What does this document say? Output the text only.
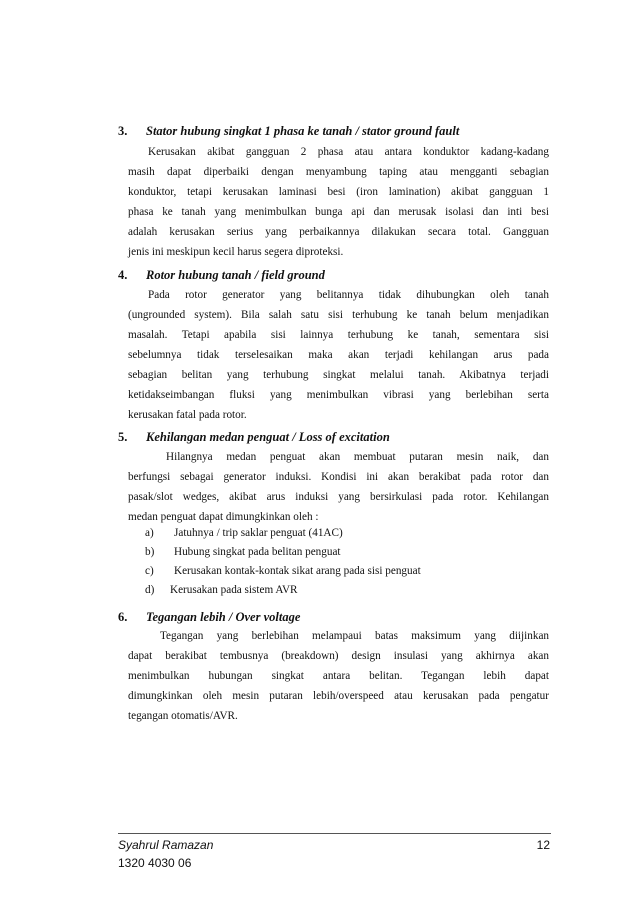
3. Stator hubung singkat 1 phasa ke tanah / stator ground fault
Kerusakan akibat gangguan 2 phasa atau antara konduktor kadang-kadang
masih dapat diperbaiki dengan menyambung taping atau mengganti sebagian
konduktor, tetapi kerusakan laminasi besi (iron lamination) akibat gangguan 1
phasa ke tanah yang menimbulkan bunga api dan merusak isolasi dan inti besi
adalah kerusakan serius yang perbaikannya dilakukan secara total. Gangguan
jenis ini meskipun kecil harus segera diproteksi.
4. Rotor hubung tanah / field ground
Pada rotor generator yang belitannya tidak dihubungkan oleh tanah
(ungrounded system). Bila salah satu sisi terhubung ke tanah belum menjadikan
masalah. Tetapi apabila sisi lainnya terhubung ke tanah, sementara sisi
sebelumnya tidak terselesaikan maka akan terjadi kehilangan arus pada
sebagian belitan yang terhubung singkat melalui tanah. Akibatnya terjadi
ketidakseimbangan fluksi yang menimbulkan vibrasi yang berlebihan serta
kerusakan fatal pada rotor.
5. Kehilangan medan penguat / Loss of excitation
Hilangnya medan penguat akan membuat putaran mesin naik, dan
berfungsi sebagai generator induksi. Kondisi ini akan berakibat pada rotor dan
pasak/slot wedges, akibat arus induksi yang bersirkulasi pada rotor. Kehilangan
medan penguat dapat dimungkinkan oleh :
a) Jatuhnya / trip saklar penguat (41AC)
b) Hubung singkat pada belitan penguat
c) Kerusakan kontak-kontak sikat arang pada sisi penguat
d) Kerusakan pada sistem AVR
6. Tegangan lebih / Over voltage
Tegangan yang berlebihan melampaui batas maksimum yang diijinkan
dapat berakibat tembusnya (breakdown) design insulasi yang akhirnya akan
menimbulkan hubungan singkat antara belitan. Tegangan lebih dapat
dimungkinkan oleh mesin putaran lebih/overspeed atau kerusakan pada pengatur
tegangan otomatis/AVR.
Syahrul Ramazan
1320 4030 06
12
